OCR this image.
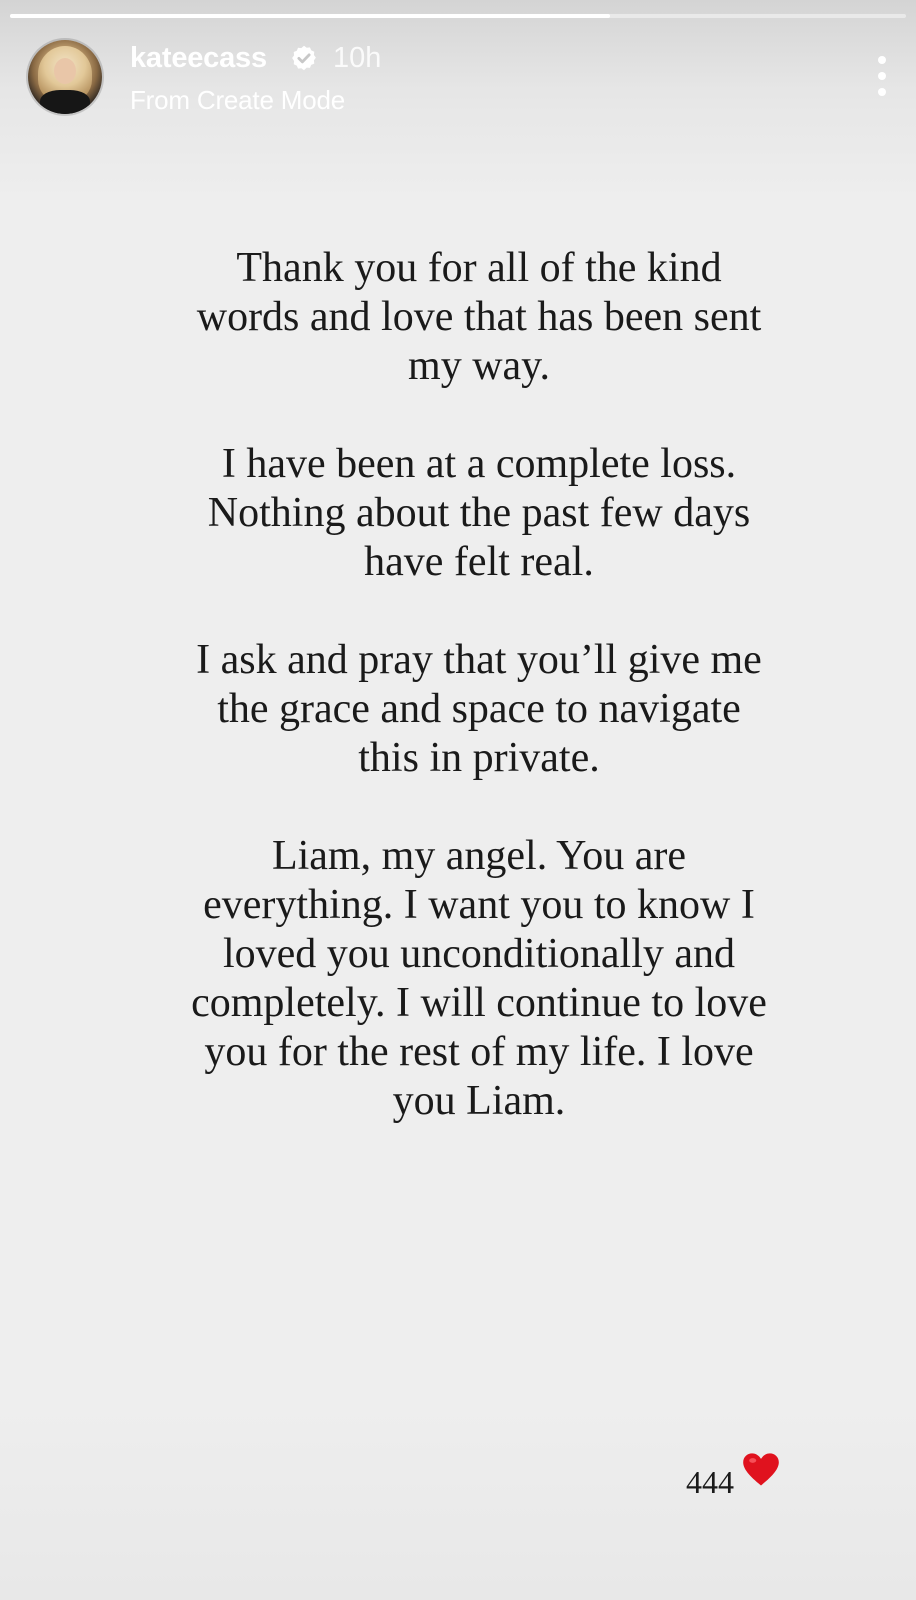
kateecass 10h
From Create Mode

Thank you for all of the kind words and love that has been sent my way.

I have been at a complete loss. Nothing about the past few days have felt real.

I ask and pray that you’ll give me the grace and space to navigate this in private.

Liam, my angel. You are everything. I want you to know I loved you unconditionally and completely. I will continue to love you for the rest of my life. I love you Liam.

444
